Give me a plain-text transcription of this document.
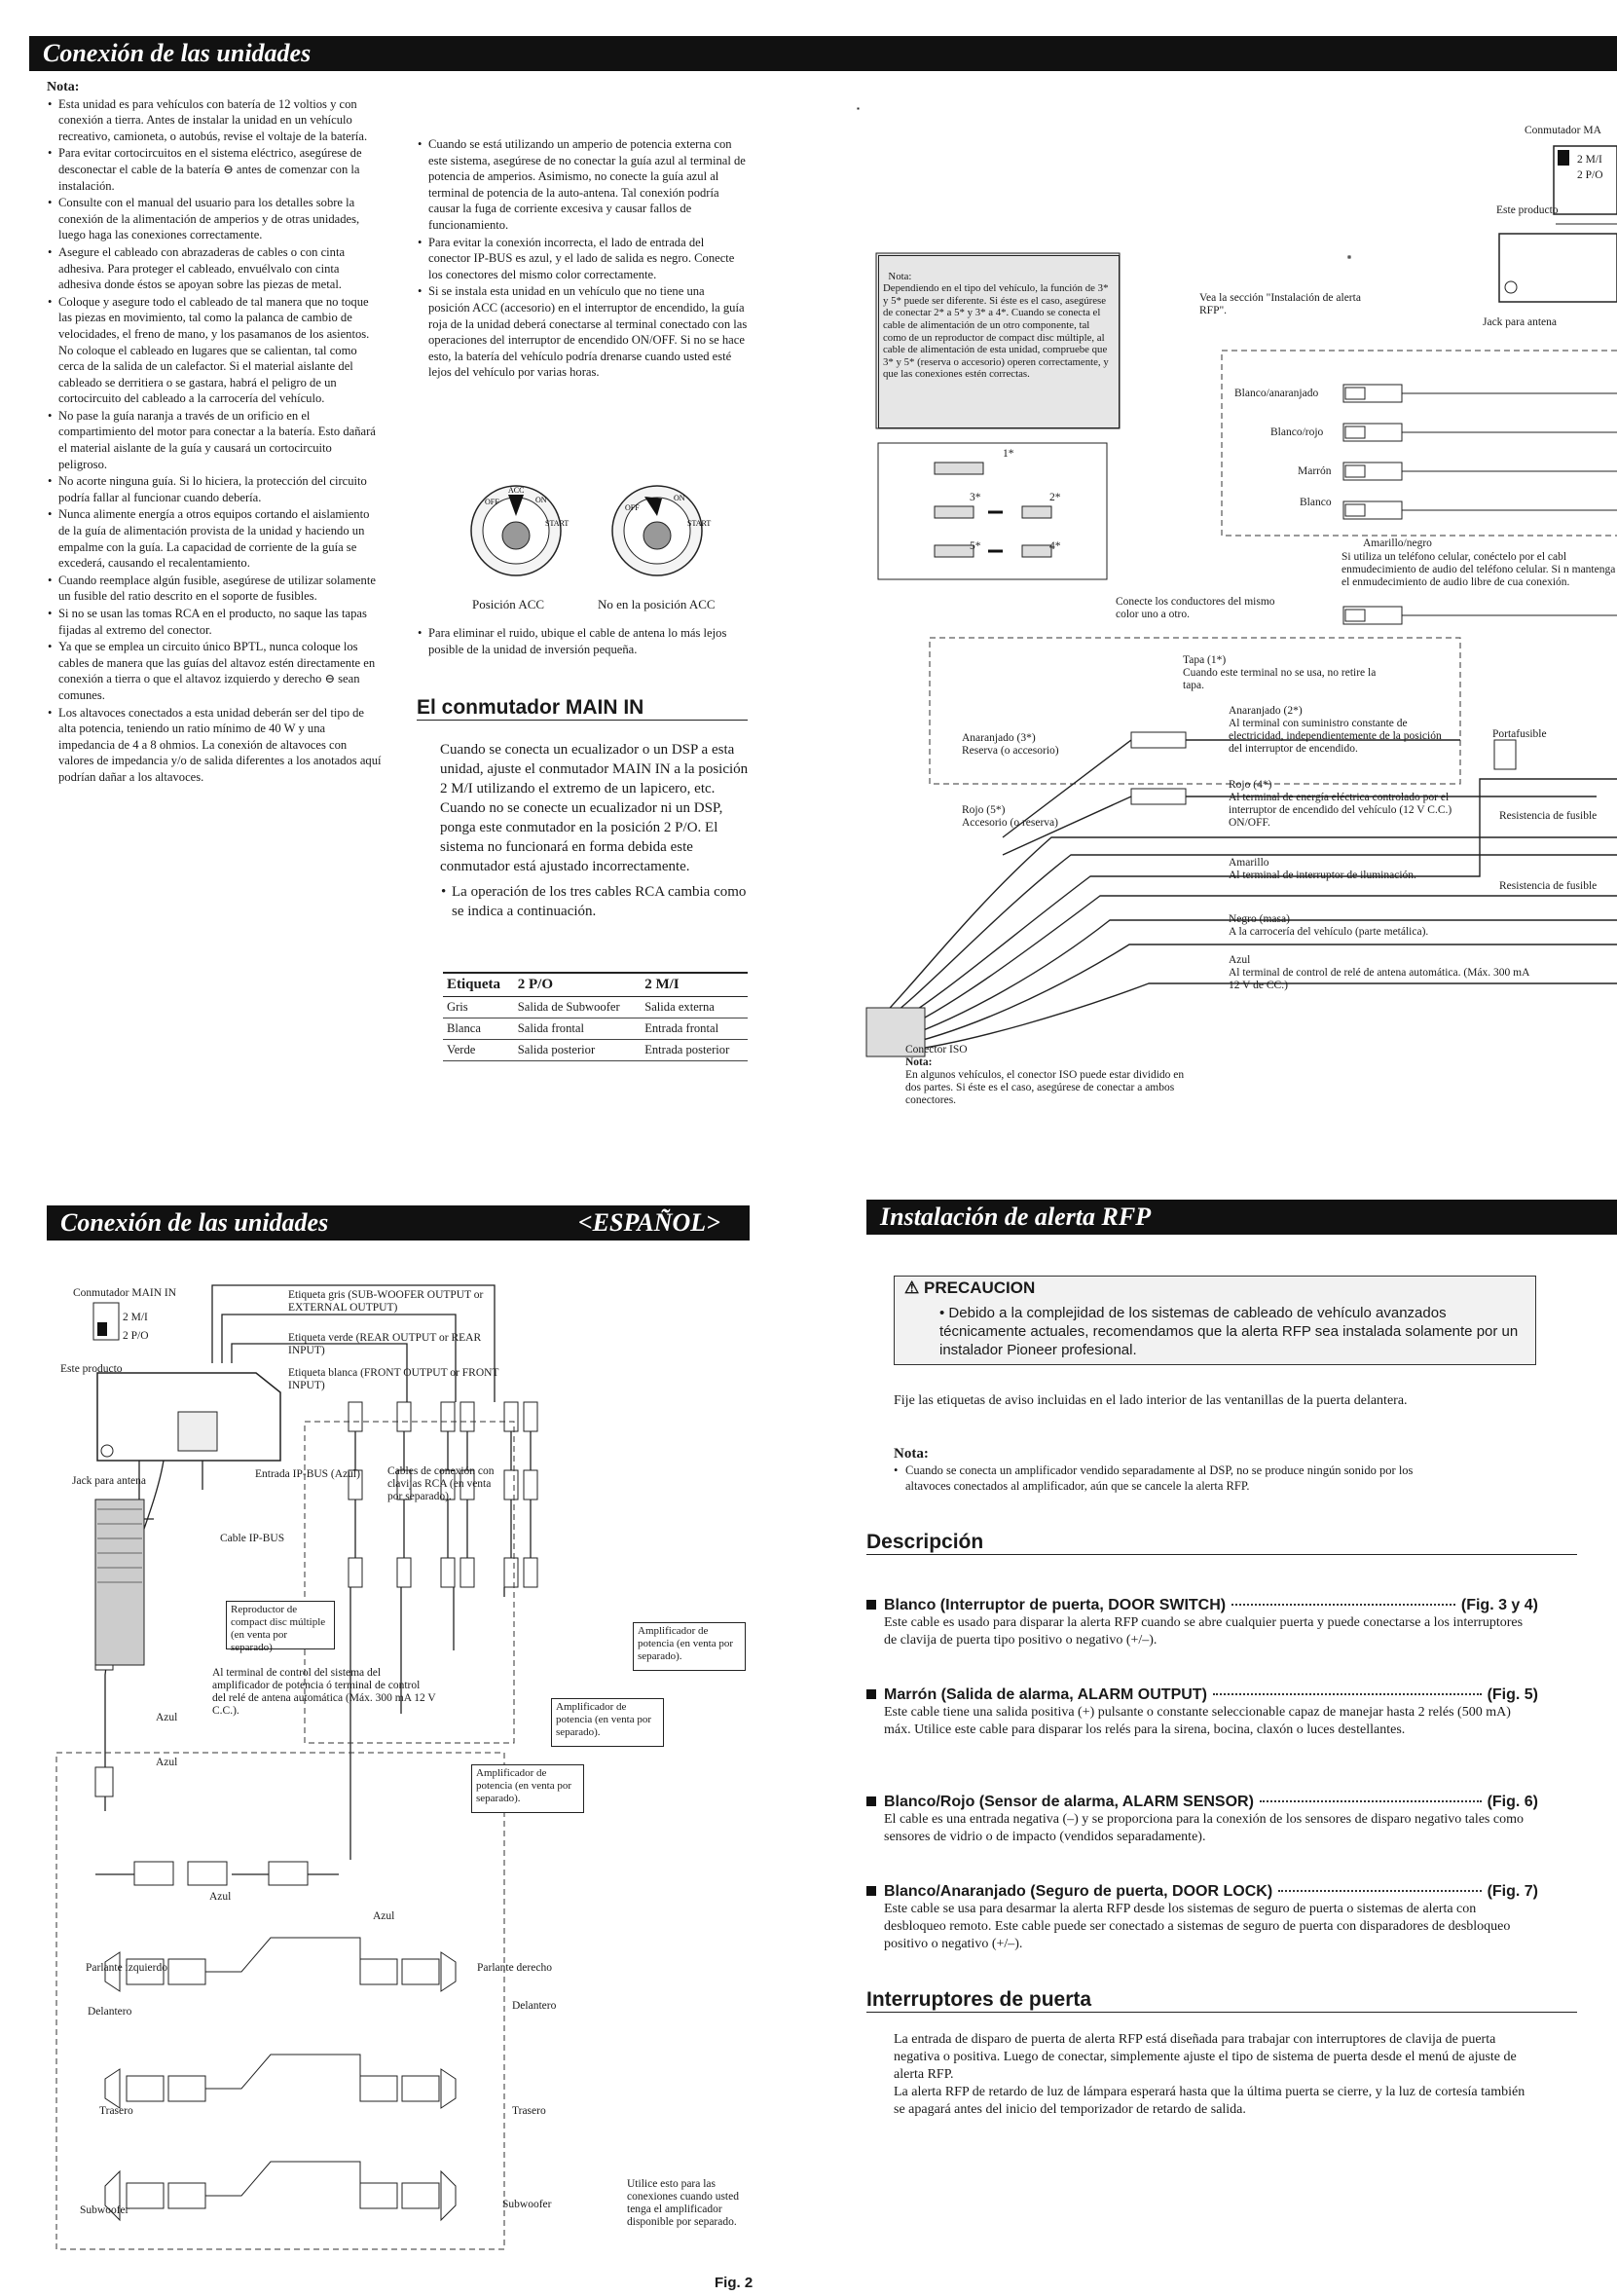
Conexión de las unidades
Nota:
• Esta unidad es para vehículos con batería de 12 voltios y con conexión a tierra. Antes de instalar la unidad en un vehículo recreativo, camioneta, o autobús, revise el voltaje de la batería.
• Para evitar cortocircuitos en el sistema eléctrico, asegúrese de desconectar el cable de la batería ⊖ antes de comenzar con la instalación.
• Consulte con el manual del usuario para los detalles sobre la conexión de la alimentación de amperios y de otras unidades, luego haga las conexiones correctamente.
• Asegure el cableado con abrazaderas de cables o con cinta adhesiva. Para proteger el cableado, envuélvalo con cinta adhesiva donde éstos se apoyan sobre las piezas de metal.
• Coloque y asegure todo el cableado de tal manera que no toque las piezas en movimiento, tal como la palanca de cambio de velocidades, el freno de mano, y los pasamanos de los asientos. No coloque el cableado en lugares que se calientan, tal como cerca de la salida de un calefactor. Si el material aislante del cableado se derritiera o se gastara, habrá el peligro de un cortocircuito del cableado a la carrocería del vehículo.
• No pase la guía naranja a través de un orificio en el compartimiento del motor para conectar a la batería. Esto dañará el material aislante de la guía y causará un cortocircuito peligroso.
• No acorte ninguna guía. Si lo hiciera, la protección del circuito podría fallar al funcionar cuando debería.
• Nunca alimente energía a otros equipos cortando el aislamiento de la guía de alimentación provista de la unidad y haciendo un empalme con la guía. La capacidad de corriente de la guía se excederá, causando el recalentamiento.
• Cuando reemplace algún fusible, asegúrese de utilizar solamente un fusible del ratio descrito en el soporte de fusibles.
• Si no se usan las tomas RCA en el producto, no saque las tapas fijadas al extremo del conector.
• Ya que se emplea un circuito único BPTL, nunca coloque los cables de manera que las guías del altavoz estén directamente en conexión a tierra o que el altavoz izquierdo y derecho ⊖ sean comunes.
• Los altavoces conectados a esta unidad deberán ser del tipo de alta potencia, teniendo un ratio mínimo de 40 W y una impedancia de 4 a 8 ohmios. La conexión de altavoces con valores de impedancia y/o de salida diferentes a los anotados aquí podrían dañar a los altavoces.
• Cuando se está utilizando un amperio de potencia externa con este sistema, asegúrese de no conectar la guía azul al terminal de potencia de amperios. Asimismo, no conecte la guía azul al terminal de potencia de la auto-antena. Tal conexión podría causar la fuga de corriente excesiva y causar fallos de funcionamiento.
• Para evitar la conexión incorrecta, el lado de entrada del conector IP-BUS es azul, y el lado de salida es negro. Conecte los conectores del mismo color correctamente.
• Si se instala esta unidad en un vehículo que no tiene una posición ACC (accesorio) en el interruptor de encendido, la guía roja de la unidad deberá conectarse al terminal conectado con las operaciones del interruptor de encendido ON/OFF. Si no se hace esto, la batería del vehículo podría drenarse cuando usted esté lejos del vehículo por varias horas.
OFF
ACC
ON
START
OFF
ON
START
Posición ACC	No en la posición ACC
• Para eliminar el ruido, ubique el cable de antena lo más lejos posible de la unidad de inversión pequeña.
El conmutador MAIN IN
Cuando se conecta un ecualizador o un DSP a esta unidad, ajuste el conmutador MAIN IN a la posición 2 M/I utilizando el extremo de un lapicero, etc. Cuando no se conecte un ecualizador ni un DSP, ponga este conmutador en la posición 2 P/O. El sistema no funcionará en forma debida este conmutador está ajustado incorrectamente.
• La operación de los tres cables RCA cambia como se indica a continuación.
Etiqueta	2 P/O	2 M/I
Gris	Salida de Subwoofer	Salida externa
Blanca	Salida frontal	Entrada frontal
Verde	Salida posterior	Entrada posterior

Nota:
Dependiendo en el tipo del vehículo, la función de 3* y 5* puede ser diferente. Si éste es el caso, asegúrese de conectar 2* a 5* y 3* a 4*. Cuando se conecta el cable de alimentación de un otro componente, tal como de un reproductor de compact disc múltiple, al cable de alimentación de esta unidad, compruebe que 3* y 5* (reserva o accesorio) operen correctamente, y que las conexiones estén correctas.

Conmutador MA
2 M/I
2 P/O
Este producto
Jack para antena
Vea la sección "Instalación de alerta RFP".
Blanco/anaranjado
Blanco/rojo
Marrón
Blanco
Amarillo/negro
Si utiliza un teléfono celular, conéctelo por el cabl enmudecimiento de audio del teléfono celular. Si n mantenga el enmudecimiento de audio libre de cua conexión.
Conecte los conductores del mismo color uno a otro.
1*
2*
3*
4*
5*
Tapa (1*)
Cuando este terminal no se usa, no retire la tapa.
Anaranjado (2*)
Al terminal con suministro constante de electricidad, independientemente de la posición del interruptor de encendido.
Anaranjado (3*)
Reserva (o accesorio)
Rojo (4*)
Al terminal de energía eléctrica controlado por el interruptor de encendido del vehículo (12 V C.C.) ON/OFF.
Rojo (5*)
Accesorio (o reserva)
Portafusible
Resistencia de fusible
Resistencia de fusible
Amarillo
Al terminal de interruptor de iluminación.
Negro (masa)
A la carrocería del vehículo (parte metálica).
Azul
Al terminal de control de relé de antena automática. (Máx. 300 mA 12 V de CC.)
Conector ISO
Nota:
En algunos vehículos, el conector ISO puede estar dividido en dos partes. Si éste es el caso, asegúrese de conectar a ambos conectores.
Conexión de las unidades	<ESPAÑOL>
Conmutador MAIN IN
2 M/I
2 P/O
Este producto
Jack para antena
Etiqueta gris (SUB-WOOFER OUTPUT or EXTERNAL OUTPUT)
Etiqueta verde (REAR OUTPUT or REAR INPUT)
Etiqueta blanca (FRONT OUTPUT or FRONT INPUT)
Entrada IP-BUS (Azul)
Cable IP-BUS
Cables de conexión con clavijas RCA (en venta por separado).
Reproductor de compact disc múltiple (en venta por separado)
Amplificador de potencia (en venta por separado).
Amplificador de potencia (en venta por separado).
Amplificador de potencia (en venta por separado).
Al terminal de control del sistema del amplificador de potencia ó terminal de control del relé de antena automática (Máx. 300 mA 12 V C.C.).
Azul
Azul
Azul
Azul
Parlante izquierdo	Parlante derecho
Delantero	Delantero
Trasero	Trasero
Subwoofer	Subwoofer
Utilice esto para las conexiones cuando usted tenga el amplificador disponible por separado.
Fig. 2
Instalación de alerta RFP
⚠ PRECAUCION
• Debido a la complejidad de los sistemas de cableado de vehículo avanzados técnicamente actuales, recomendamos que la alerta RFP sea instalada solamente por un instalador Pioneer profesional.
Fije las etiquetas de aviso incluidas en el lado interior de las ventanillas de la puerta delantera.
Nota:
• Cuando se conecta un amplificador vendido separadamente al DSP, no se produce ningún sonido por los altavoces conectados al amplificador, aún que se cancele la alerta RFP.
Descripción
Blanco (Interruptor de puerta, DOOR SWITCH)	(Fig. 3 y 4)
Este cable es usado para disparar la alerta RFP cuando se abre cualquier puerta y puede conectarse a los interruptores de clavija de puerta tipo positivo o negativo (+/–).
Marrón (Salida de alarma, ALARM OUTPUT)	(Fig. 5)
Este cable tiene una salida positiva (+) pulsante o constante seleccionable capaz de manejar hasta 2 relés (500 mA) máx. Utilice este cable para disparar los relés para la sirena, bocina, claxón o luces destellantes.
Blanco/Rojo (Sensor de alarma, ALARM SENSOR)	(Fig. 6)
El cable es una entrada negativa (–) y se proporciona para la conexión de los sensores de disparo negativo tales como sensores de vidrio o de impacto (vendidos separadamente).
Blanco/Anaranjado (Seguro de puerta, DOOR LOCK)	(Fig. 7)
Este cable se usa para desarmar la alerta RFP desde los sistemas de seguro de puerta o sistemas de alerta con desbloqueo remoto. Este cable puede ser conectado a sistemas de seguro de puerta con disparadores de desbloqueo positivo o negativo (+/–).
Interruptores de puerta
La entrada de disparo de puerta de alerta RFP está diseñada para trabajar con interruptores de clavija de puerta negativa o positiva. Luego de conectar, simplemente ajuste el tipo de sistema de puerta desde el menú de ajuste de alerta RFP.
La alerta RFP de retardo de luz de lámpara esperará hasta que la última puerta se cierre, y la luz de cortesía también se apagará antes del inicio del temporizador de retardo de salida.
